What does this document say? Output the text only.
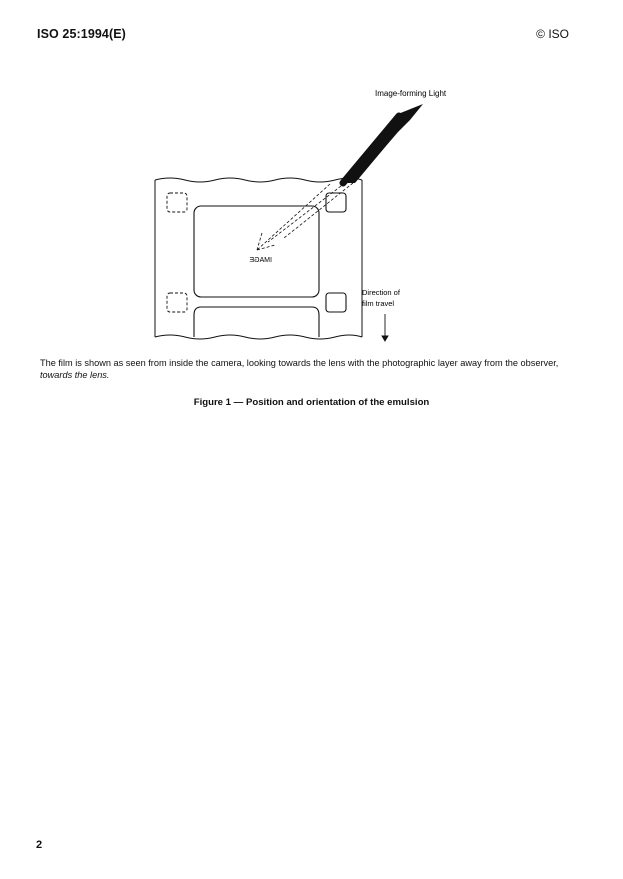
ISO 25:1994(E)	© ISO
Image-forming Light
IMAGE
Direction of
film travel
The film is shown as seen from inside the camera, looking towards the lens with the photographic layer away from the observer, towards the lens.
Figure 1 — Position and orientation of the emulsion
2
